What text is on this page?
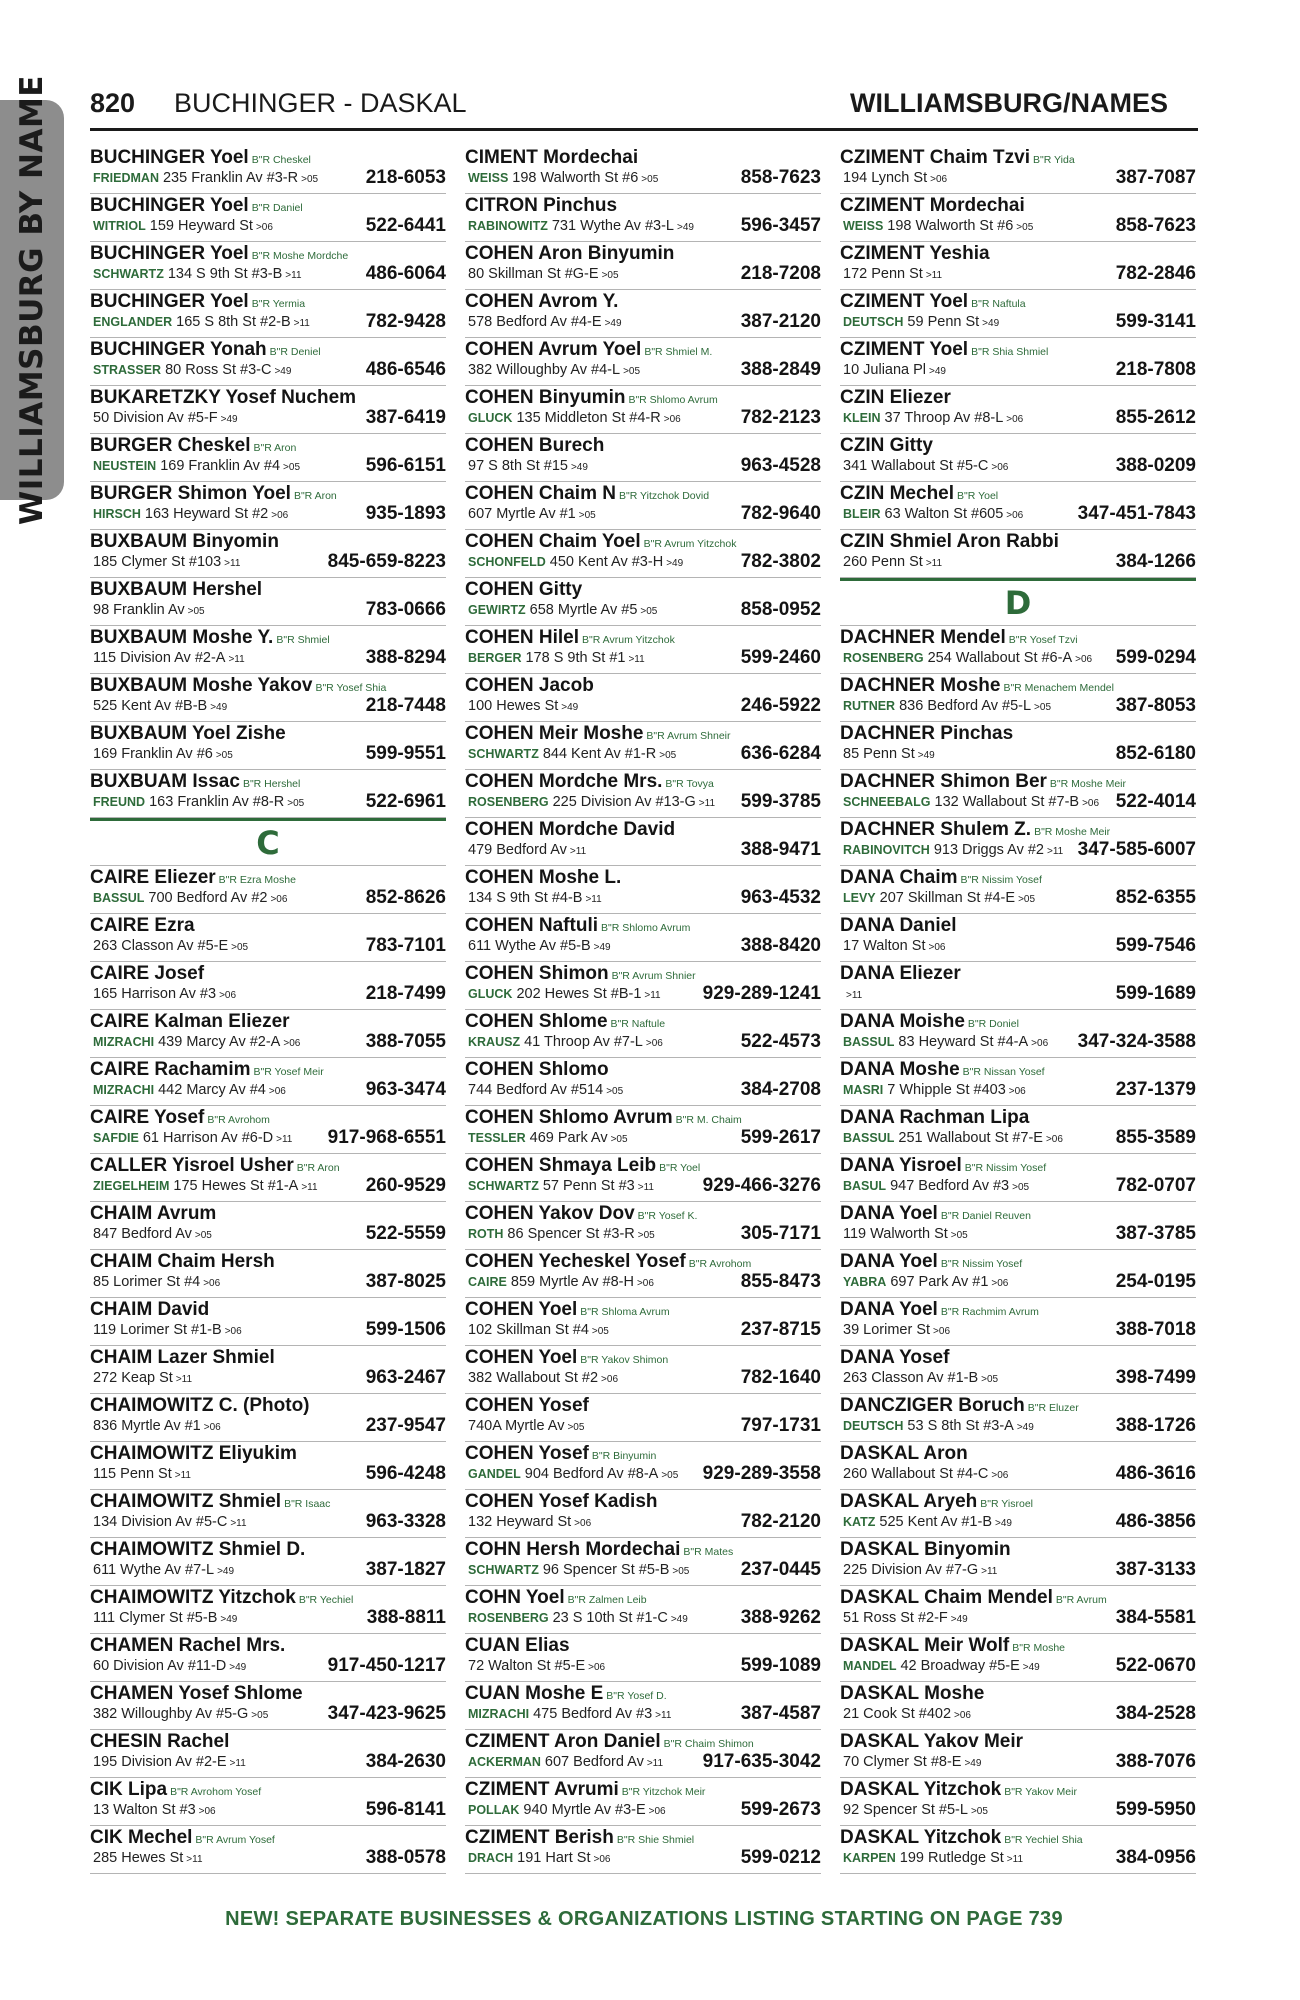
WILLIAMSBURG BY NAME 820 BUCHINGER - DASKAL	WILLIAMSBURG/NAMES
BUCHINGER Yoel B"R Cheskel
FRIEDMAN 235 Franklin Av #3-R >05	218-6053
BUCHINGER Yoel B"R Daniel
WITRIOL 159 Heyward St >06	522-6441
BUCHINGER Yoel B"R Moshe Mordche
SCHWARTZ 134 S 9th St #3-B >11	486-6064
BUCHINGER Yoel B"R Yermia
ENGLANDER 165 S 8th St #2-B >11	782-9428
BUCHINGER Yonah B"R Deniel
STRASSER 80 Ross St #3-C >49	486-6546
BUKARETZKY Yosef Nuchem
50 Division Av #5-F >49	387-6419
BURGER Cheskel B"R Aron
NEUSTEIN 169 Franklin Av #4 >05	596-6151
BURGER Shimon Yoel B"R Aron
HIRSCH 163 Heyward St #2 >06	935-1893
BUXBAUM Binyomin
185 Clymer St #103 >11	845-659-8223
BUXBAUM Hershel
98 Franklin Av >05	783-0666
BUXBAUM Moshe Y. B"R Shmiel
115 Division Av #2-A >11	388-8294
BUXBAUM Moshe Yakov B"R Yosef Shia
525 Kent Av #B-B >49	218-7448
BUXBAUM Yoel Zishe
169 Franklin Av #6 >05	599-9551
BUXBUAM Issac B"R Hershel
FREUND 163 Franklin Av #8-R >05	522-6961
C
CAIRE Eliezer B"R Ezra Moshe
BASSUL 700 Bedford Av #2 >06	852-8626
CAIRE Ezra
263 Classon Av #5-E >05	783-7101
CAIRE Josef
165 Harrison Av #3 >06	218-7499
CAIRE Kalman Eliezer
MIZRACHI 439 Marcy Av #2-A >06	388-7055
CAIRE Rachamim B"R Yosef Meir
MIZRACHI 442 Marcy Av #4 >06	963-3474
CAIRE Yosef B"R Avrohom
SAFDIE 61 Harrison Av #6-D >11 917-968-6551
CALLER Yisroel Usher B"R Aron
ZIEGELHEIM 175 Hewes St #1-A >11	260-9529
CHAIM Avrum
847 Bedford Av >05	522-5559
CHAIM Chaim Hersh
85 Lorimer St #4 >06	387-8025
CHAIM David
119 Lorimer St #1-B >06	599-1506
CHAIM Lazer Shmiel
272 Keap St >11	963-2467
CHAIMOWITZ C. (Photo)
836 Myrtle Av #1 >06	237-9547
CHAIMOWITZ Eliyukim
115 Penn St >11	596-4248
CHAIMOWITZ Shmiel B"R Isaac
134 Division Av #5-C >11	963-3328
CHAIMOWITZ Shmiel D.
611 Wythe Av #7-L >49	387-1827
CHAIMOWITZ Yitzchok B"R Yechiel
111 Clymer St #5-B >49	388-8811
CHAMEN Rachel Mrs.
60 Division Av #11-D >49	917-450-1217
CHAMEN Yosef Shlome
382 Willoughby Av #5-G >05	347-423-9625
CHESIN Rachel
195 Division Av #2-E >11	384-2630
CIK Lipa B"R Avrohom Yosef
13 Walton St #3 >06	596-8141
CIK Mechel B"R Avrum Yosef
285 Hewes St >11	388-0578
CIMENT Mordechai
WEISS 198 Walworth St #6 >05	858-7623
CITRON Pinchus
RABINOWITZ 731 Wythe Av #3-L >49 596-3457
COHEN Aron Binyumin
80 Skillman St #G-E >05	218-7208
COHEN Avrom Y.
578 Bedford Av #4-E >49	387-2120
COHEN Avrum Yoel B"R Shmiel M.
382 Willoughby Av #4-L >05	388-2849
COHEN Binyumin B"R Shlomo Avrum
GLUCK 135 Middleton St #4-R >06	782-2123
COHEN Burech
97 S 8th St #15 >49	963-4528
COHEN Chaim N B"R Yitzchok Dovid
607 Myrtle Av #1 >05	782-9640
COHEN Chaim Yoel B"R Avrum Yitzchok
SCHONFELD 450 Kent Av #3-H >49	782-3802
COHEN Gitty
GEWIRTZ 658 Myrtle Av #5 >05	858-0952
COHEN Hilel B"R Avrum Yitzchok
BERGER 178 S 9th St #1 >11	599-2460
COHEN Jacob
100 Hewes St >49	246-5922
COHEN Meir Moshe B"R Avrum Shneir
SCHWARTZ 844 Kent Av #1-R >05	636-6284
COHEN Mordche Mrs. B"R Tovya
ROSENBERG 225 Division Av #13-G >11 599-3785
COHEN Mordche David
479 Bedford Av >11	388-9471
COHEN Moshe L.
134 S 9th St #4-B >11	963-4532
COHEN Naftuli B"R Shlomo Avrum
611 Wythe Av #5-B >49	388-8420
COHEN Shimon B"R Avrum Shnier
GLUCK 202 Hewes St #B-1 >11 929-289-1241
COHEN Shlome B"R Naftule
KRAUSZ 41 Throop Av #7-L >06	522-4573
COHEN Shlomo
744 Bedford Av #514 >05	384-2708
COHEN Shlomo Avrum B"R M. Chaim
TESSLER 469 Park Av >05	599-2617
COHEN Shmaya Leib B"R Yoel
SCHWARTZ 57 Penn St #3 >11	929-466-3276
COHEN Yakov Dov B"R Yosef K.
ROTH 86 Spencer St #3-R >05	305-7171
COHEN Yecheskel Yosef B"R Avrohom
CAIRE 859 Myrtle Av #8-H >06	855-8473
COHEN Yoel B"R Shloma Avrum
102 Skillman St #4 >05	237-8715
COHEN Yoel B"R Yakov Shimon
382 Wallabout St #2 >06	782-1640
COHEN Yosef
740A Myrtle Av >05	797-1731
COHEN Yosef B"R Binyumin
GANDEL 904 Bedford Av #8-A >05 929-289-3558
COHEN Yosef Kadish
132 Heyward St >06	782-2120
COHN Hersh Mordechai B"R Mates
SCHWARTZ 96 Spencer St #5-B >05	237-0445
COHN Yoel B"R Zalmen Leib
ROSENBERG 23 S 10th St #1-C >49	388-9262
CUAN Elias
72 Walton St #5-E >06	599-1089
CUAN Moshe E B"R Yosef D.
MIZRACHI 475 Bedford Av #3 >11	387-4587
CZIMENT Aron Daniel B"R Chaim Shimon
ACKERMAN 607 Bedford Av >11 917-635-3042
CZIMENT Avrumi B"R Yitzchok Meir
POLLAK 940 Myrtle Av #3-E >06	599-2673
CZIMENT Berish B"R Shie Shmiel
DRACH 191 Hart St >06	599-0212
CZIMENT Chaim Tzvi B"R Yida
194 Lynch St >06	387-7087
CZIMENT Mordechai
WEISS 198 Walworth St #6 >05	858-7623
CZIMENT Yeshia
172 Penn St >11	782-2846
CZIMENT Yoel B"R Naftula
DEUTSCH 59 Penn St >49	599-3141
CZIMENT Yoel B"R Shia Shmiel
10 Juliana Pl >49	218-7808
CZIN Eliezer
KLEIN 37 Throop Av #8-L >06	855-2612
CZIN Gitty
341 Wallabout St #5-C >06	388-0209
CZIN Mechel B"R Yoel
BLEIR 63 Walton St #605 >06	347-451-7843
CZIN Shmiel Aron Rabbi
260 Penn St >11	384-1266
D
DACHNER Mendel B"R Yosef Tzvi
ROSENBERG 254 Wallabout St #6-A >06 599-0294
DACHNER Moshe B"R Menachem Mendel
RUTNER 836 Bedford Av #5-L >05	387-8053
DACHNER Pinchas
85 Penn St >49	852-6180
DACHNER Shimon Ber B"R Moshe Meir
SCHNEEBALG 132 Wallabout St #7-B >06 522-4014
DACHNER Shulem Z. B"R Moshe Meir
RABINOVITCH 913 Driggs Av #2 >11 347-585-6007
DANA Chaim B"R Nissim Yosef
LEVY 207 Skillman St #4-E >05	852-6355
DANA Daniel
17 Walton St >06	599-7546
DANA Eliezer
>11	599-1689
DANA Moishe B"R Doniel
BASSUL 83 Heyward St #4-A >06 347-324-3588
DANA Moshe B"R Nissan Yosef
MASRI 7 Whipple St #403 >06	237-1379
DANA Rachman Lipa
BASSUL 251 Wallabout St #7-E >06	855-3589
DANA Yisroel B"R Nissim Yosef
BASUL 947 Bedford Av #3 >05	782-0707
DANA Yoel B"R Daniel Reuven
119 Walworth St >05	387-3785
DANA Yoel B"R Nissim Yosef
YABRA 697 Park Av #1 >06	254-0195
DANA Yoel B"R Rachmim Avrum
39 Lorimer St >06	388-7018
DANA Yosef
263 Classon Av #1-B >05	398-7499
DANCZIGER Boruch B"R Eluzer
DEUTSCH 53 S 8th St #3-A >49	388-1726
DASKAL Aron
260 Wallabout St #4-C >06	486-3616
DASKAL Aryeh B"R Yisroel
KATZ 525 Kent Av #1-B >49	486-3856
DASKAL Binyomin
225 Division Av #7-G >11	387-3133
DASKAL Chaim Mendel B"R Avrum
51 Ross St #2-F >49	384-5581
DASKAL Meir Wolf B"R Moshe
MANDEL 42 Broadway #5-E >49	522-0670
DASKAL Moshe
21 Cook St #402 >06	384-2528
DASKAL Yakov Meir
70 Clymer St #8-E >49	388-7076
DASKAL Yitzchok B"R Yakov Meir
92 Spencer St #5-L >05	599-5950
DASKAL Yitzchok B"R Yechiel Shia
KARPEN 199 Rutledge St >11	384-0956
NEW! SEPARATE BUSINESSES & ORGANIZATIONS LISTING STARTING ON PAGE 739
